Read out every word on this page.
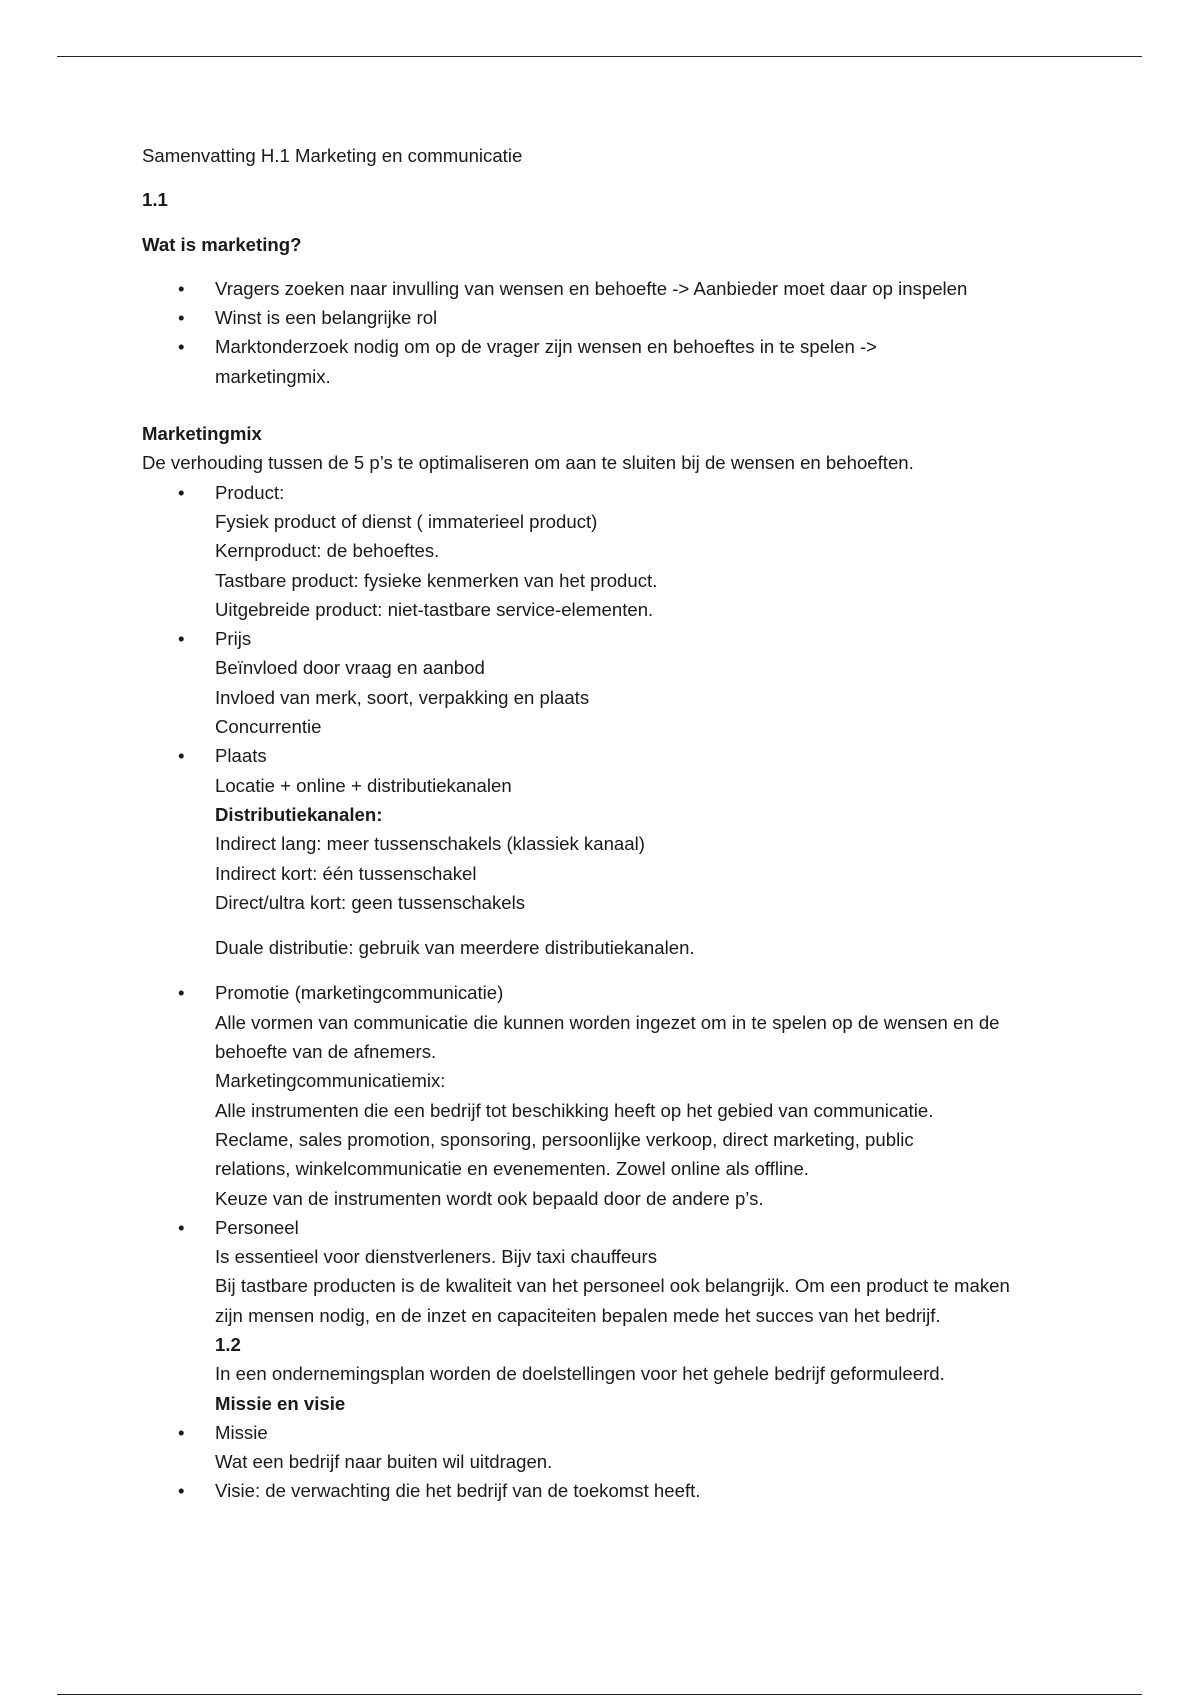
Samenvatting H.1 Marketing en communicatie

1.1

Wat is marketing?

• Vragers zoeken naar invulling van wensen en behoefte -> Aanbieder moet daar op inspelen
• Winst is een belangrijke rol
• Marktonderzoek nodig om op de vrager zijn wensen en behoeftes in te spelen -> marketingmix.

Marketingmix

De verhouding tussen de 5 p’s te optimaliseren om aan te sluiten bij de wensen en behoeften.

• Product:
Fysiek product of dienst ( immaterieel product)
Kernproduct: de behoeftes.
Tastbare product: fysieke kenmerken van het product.
Uitgebreide product: niet-tastbare service-elementen.
• Prijs
Beïnvloed door vraag en aanbod
Invloed van merk, soort, verpakking en plaats
Concurrentie
• Plaats
Locatie + online + distributiekanalen
Distributiekanalen:
Indirect lang: meer tussenschakels (klassiek kanaal)
Indirect kort: één tussenschakel
Direct/ultra kort: geen tussenschakels
Duale distributie: gebruik van meerdere distributiekanalen.
• Promotie (marketingcommunicatie)
Alle vormen van communicatie die kunnen worden ingezet om in te spelen op de wensen en de behoefte van de afnemers.
Marketingcommunicatiemix:
Alle instrumenten die een bedrijf tot beschikking heeft op het gebied van communicatie.
Reclame, sales promotion, sponsoring, persoonlijke verkoop, direct marketing, public relations, winkelcommunicatie en evenementen. Zowel online als offline.
Keuze van de instrumenten wordt ook bepaald door de andere p’s.
• Personeel
Is essentieel voor dienstverleners. Bijv taxi chauffeurs
Bij tastbare producten is de kwaliteit van het personeel ook belangrijk. Om een product te maken zijn mensen nodig, en de inzet en capaciteiten bepalen mede het succes van het bedrijf.
1.2
In een ondernemingsplan worden de doelstellingen voor het gehele bedrijf geformuleerd.
Missie en visie
• Missie
Wat een bedrijf naar buiten wil uitdragen.
• Visie: de verwachting die het bedrijf van de toekomst heeft.
